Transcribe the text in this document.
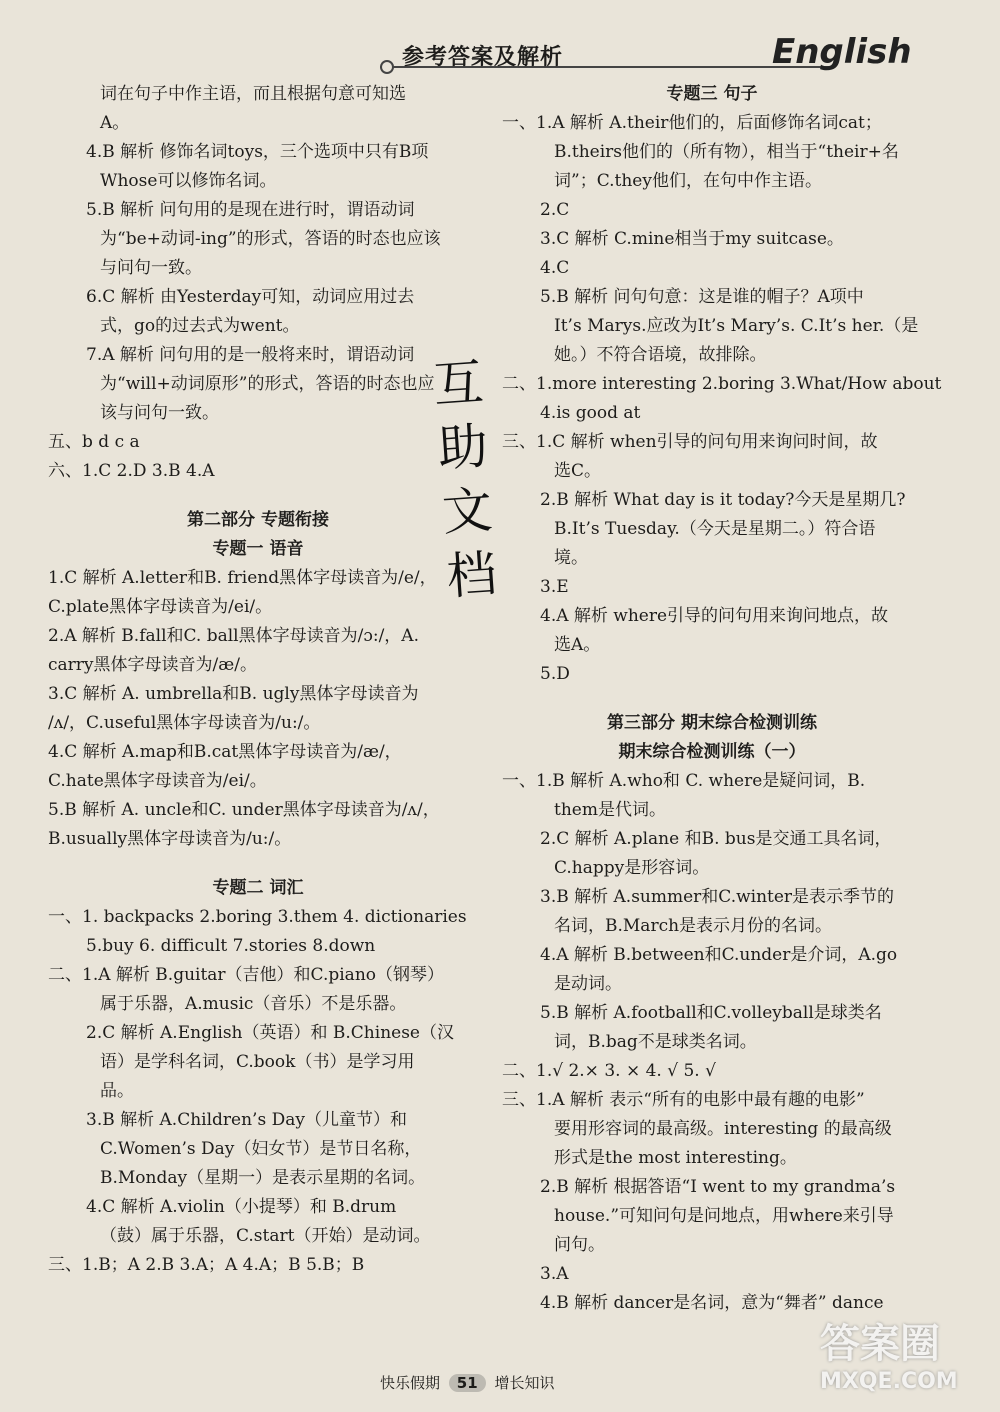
参考答案及解析	English
词在句子中作主语，而且根据句意可知选
A。
4.B 解析 修饰名词toys，三个选项中只有B项
Whose可以修饰名词。
5.B 解析 问句用的是现在进行时，谓语动词
为“be+动词-ing”的形式，答语的时态也应该
与问句一致。
6.C 解析 由Yesterday可知，动词应用过去
式，go的过去式为went。
7.A 解析 问句用的是一般将来时，谓语动词
为“will+动词原形”的形式，答语的时态也应
该与问句一致。
五、b d c a
六、1.C 2.D 3.B 4.A
第二部分 专题衔接
专题一 语音
1.C 解析 A.letter和B. friend黑体字母读音为/e/，
C.plate黑体字母读音为/ei/。
2.A 解析 B.fall和C. ball黑体字母读音为/ɔ:/，A.
carry黑体字母读音为/æ/。
3.C 解析 A. umbrella和B. ugly黑体字母读音为
/ʌ/，C.useful黑体字母读音为/u:/。
4.C 解析 A.map和B.cat黑体字母读音为/æ/，
C.hate黑体字母读音为/ei/。
5.B 解析 A. uncle和C. under黑体字母读音为/ʌ/，
B.usually黑体字母读音为/u:/。
专题二 词汇
一、1. backpacks 2.boring 3.them 4. dictionaries
5.buy 6. difficult 7.stories 8.down
二、1.A 解析 B.guitar（吉他）和C.piano（钢琴）
属于乐器，A.music（音乐）不是乐器。
2.C 解析 A.English（英语）和 B.Chinese（汉
语）是学科名词，C.book（书）是学习用
品。
3.B 解析 A.Children’s Day（儿童节）和
C.Women’s Day（妇女节）是节日名称，
B.Monday（星期一）是表示星期的名词。
4.C 解析 A.violin（小提琴）和 B.drum
（鼓）属于乐器，C.start（开始）是动词。
三、1.B；A 2.B 3.A；A 4.A；B 5.B；B
专题三 句子
一、1.A 解析 A.their他们的，后面修饰名词cat；
B.theirs他们的（所有物），相当于“their+名
词”；C.they他们，在句中作主语。
2.C
3.C 解析 C.mine相当于my suitcase。
4.C
5.B 解析 问句句意：这是谁的帽子？A项中
It’s Marys.应改为It’s Mary’s. C.It’s her.（是
她。）不符合语境，故排除。
二、1.more interesting 2.boring 3.What/How about
4.is good at
三、1.C 解析 when引导的问句用来询问时间，故
选C。
2.B 解析 What day is it today?今天是星期几?
B.It’s Tuesday.（今天是星期二。）符合语
境。
3.E
4.A 解析 where引导的问句用来询问地点，故
选A。
5.D
第三部分 期末综合检测训练
期末综合检测训练（一）
一、1.B 解析 A.who和 C. where是疑问词，B.
them是代词。
2.C 解析 A.plane 和B. bus是交通工具名词，
C.happy是形容词。
3.B 解析 A.summer和C.winter是表示季节的
名词，B.March是表示月份的名词。
4.A 解析 B.between和C.under是介词，A.go
是动词。
5.B 解析 A.football和C.volleyball是球类名
词，B.bag不是球类名词。
二、1.√ 2.× 3. × 4. √ 5. √
三、1.A 解析 表示“所有的电影中最有趣的电影”
要用形容词的最高级。interesting 的最高级
形式是the most interesting。
2.B 解析 根据答语“I went to my grandma’s
house.”可知问句是问地点，用where来引导
问句。
3.A
4.B 解析 dancer是名词，意为“舞者” dance
互
助
文
档
快乐假期 51 增长知识
答案圈
MXQE.COM
